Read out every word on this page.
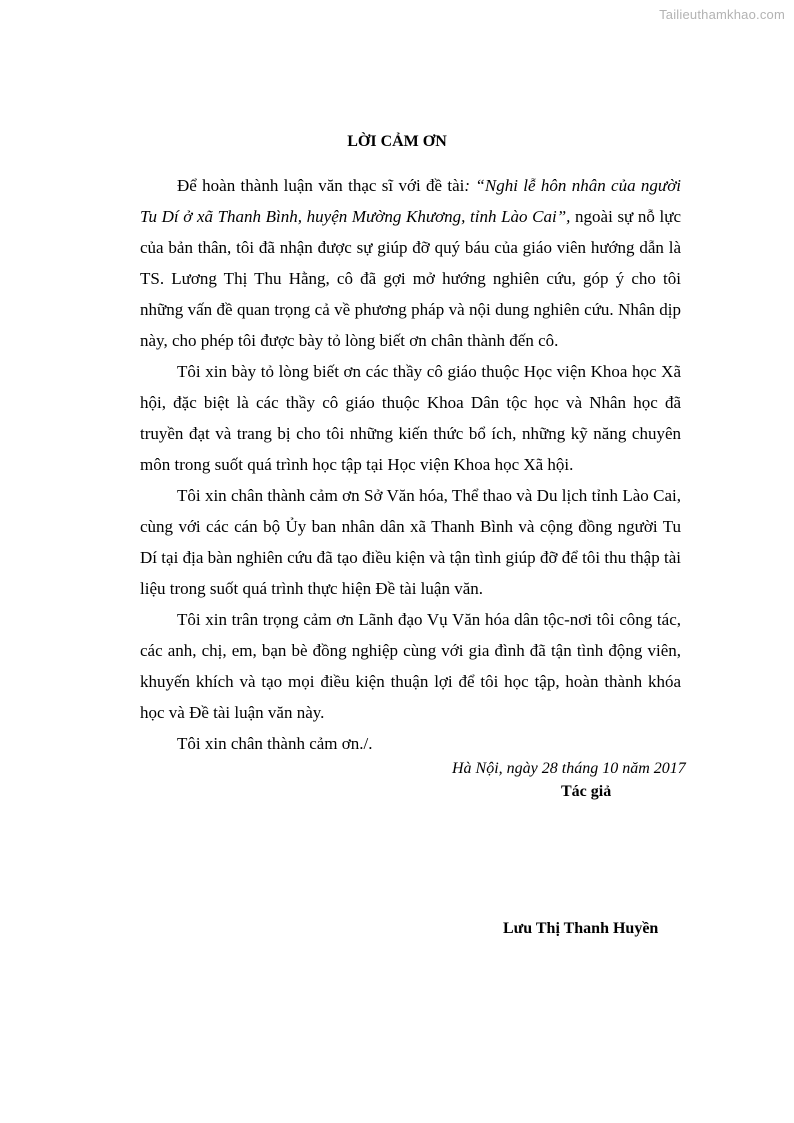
Tailieuthamkhao.com
LỜI CẢM ƠN

Để hoàn thành luận văn thạc sĩ với đề tài: “Nghi lễ hôn nhân của người Tu Dí ở xã Thanh Bình, huyện Mường Khương, tỉnh Lào Cai”, ngoài sự nỗ lực của bản thân, tôi đã nhận được sự giúp đỡ quý báu của giáo viên hướng dẫn là TS. Lương Thị Thu Hằng, cô đã gợi mở hướng nghiên cứu, góp ý cho tôi những vấn đề quan trọng cả về phương pháp và nội dung nghiên cứu. Nhân dịp này, cho phép tôi được bày tỏ lòng biết ơn chân thành đến cô.

Tôi xin bày tỏ lòng biết ơn các thầy cô giáo thuộc Học viện Khoa học Xã hội, đặc biệt là các thầy cô giáo thuộc Khoa Dân tộc học và Nhân học đã truyền đạt và trang bị cho tôi những kiến thức bổ ích, những kỹ năng chuyên môn trong suốt quá trình học tập tại Học viện Khoa học Xã hội.

Tôi xin chân thành cảm ơn Sở Văn hóa, Thể thao và Du lịch tỉnh Lào Cai, cùng với các cán bộ Ủy ban nhân dân xã Thanh Bình và cộng đồng người Tu Dí tại địa bàn nghiên cứu đã tạo điều kiện và tận tình giúp đỡ để tôi thu thập tài liệu trong suốt quá trình thực hiện Đề tài luận văn.

Tôi xin trân trọng cảm ơn Lãnh đạo Vụ Văn hóa dân tộc-nơi tôi công tác, các anh, chị, em, bạn bè đồng nghiệp cùng với gia đình đã tận tình động viên, khuyến khích và tạo mọi điều kiện thuận lợi để tôi học tập, hoàn thành khóa học và Đề tài luận văn này.

Tôi xin chân thành cảm ơn./.

Hà Nội, ngày 28 tháng 10 năm 2017
Tác giả
Lưu Thị Thanh Huyền
